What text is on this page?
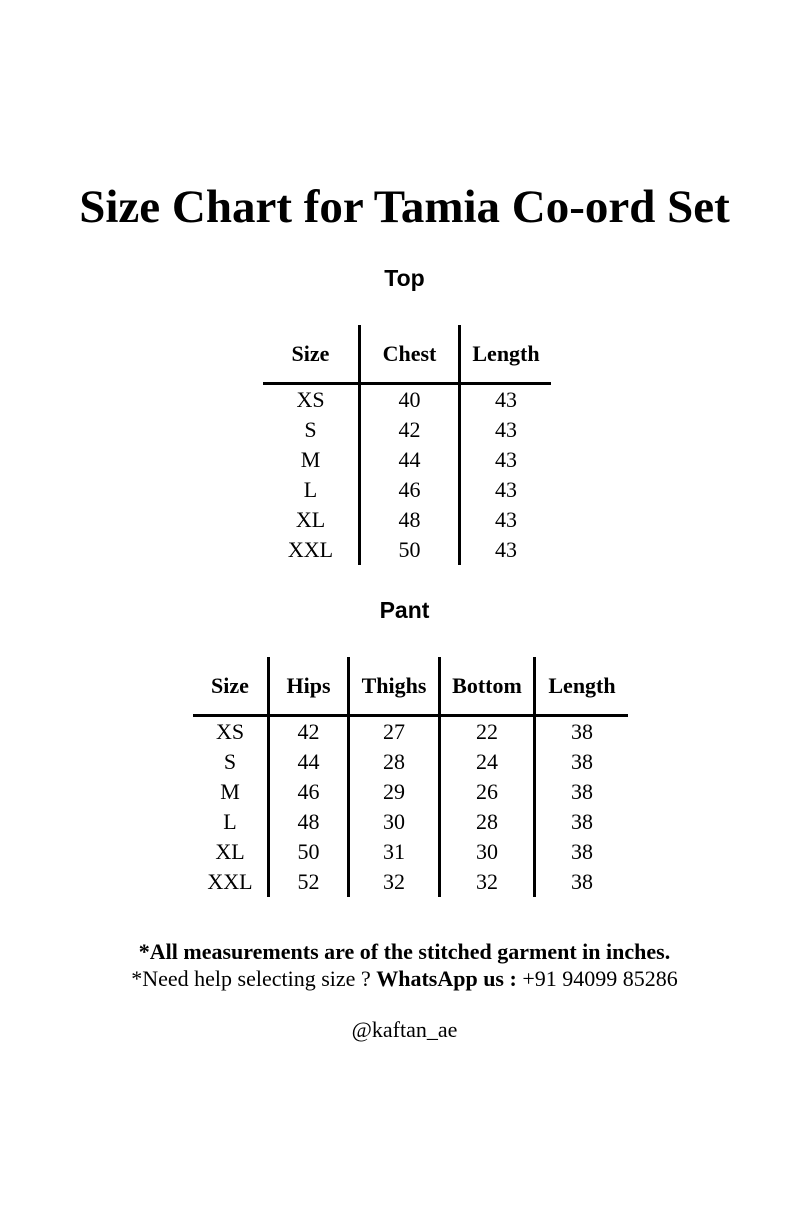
Size Chart for Tamia Co-ord Set
Top
Size	Chest	Length
XS	40	43
S	42	43
M	44	43
L	46	43
XL	48	43
XXL	50	43
Pant
Size	Hips	Thighs	Bottom	Length
XS	42	27	22	38
S	44	28	24	38
M	46	29	26	38
L	48	30	28	38
XL	50	31	30	38
XXL	52	32	32	38
*All measurements are of the stitched garment in inches.
*Need help selecting size ? WhatsApp us : +91 94099 85286
@kaftan_ae
